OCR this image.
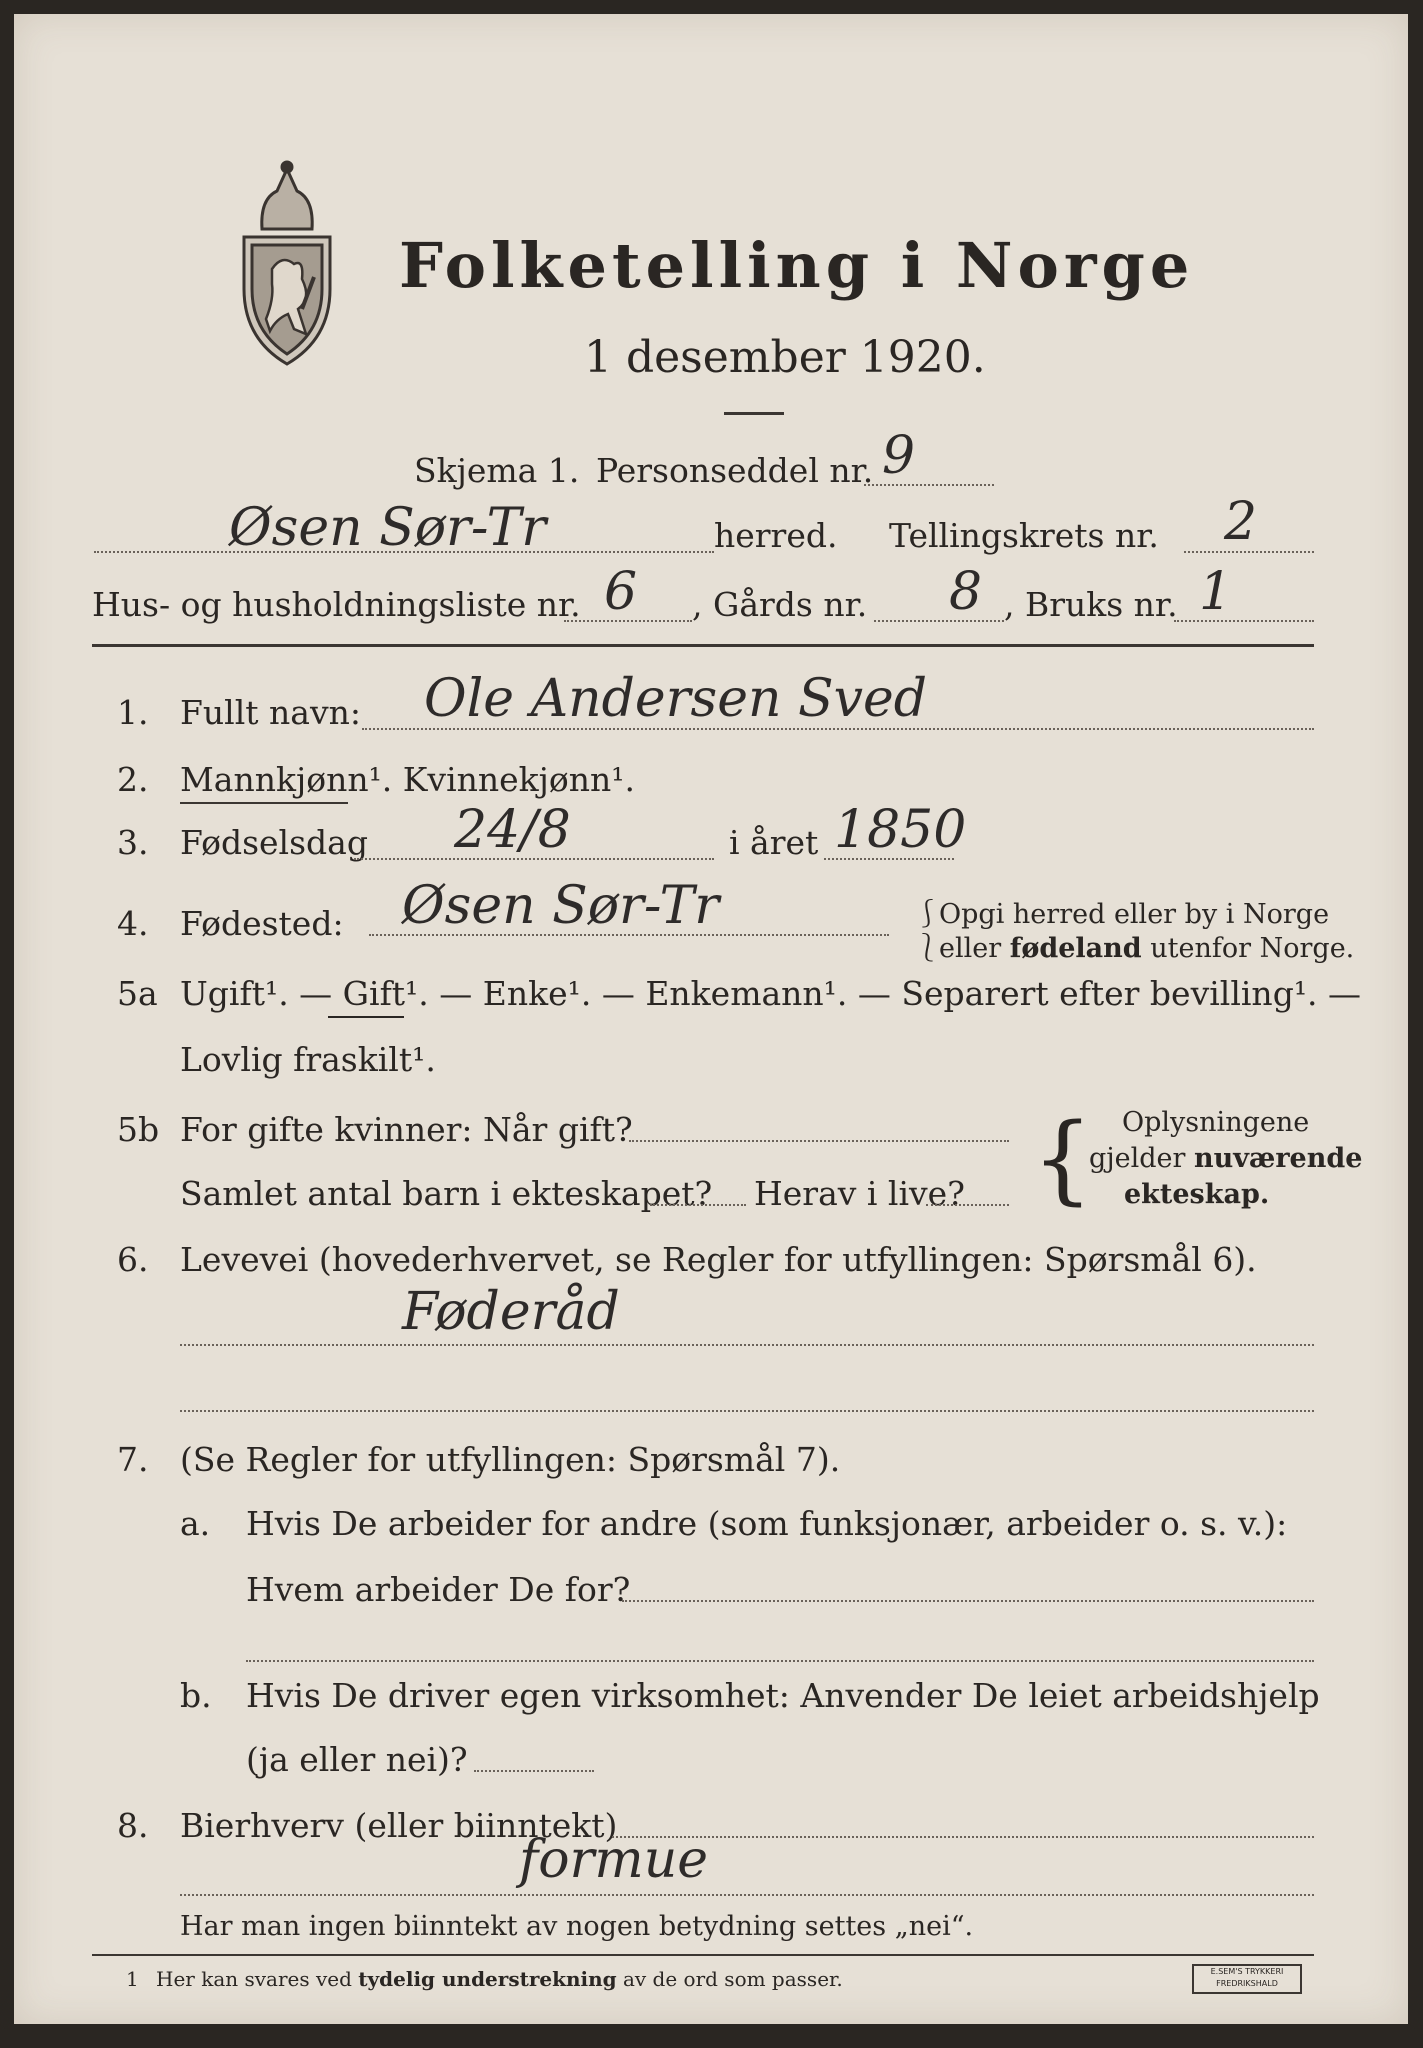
Folketelling i Norge
1 desember 1920.
Skjema 1. Personseddel nr. 9
Øsen Sør-Tr	herred. Tellingskrets nr. 2
Hus- og husholdningsliste nr. 6 , Gårds nr. 8 , Bruks nr. 1
1. Fullt navn: Ole Andersen Sved
2. Mannkjønn¹. Kvinnekjønn¹.
3. Fødselsdag 24/8	i året 1850
4. Fødested: Øsen Sør-Tr	⎰
⎱
Opgi herred eller by i Norge
eller fødeland utenfor Norge.
5a Ugift¹. — Gift¹. — Enke¹. — Enkemann¹. — Separert efter bevilling¹. —
Lovlig fraskilt¹.
5b For gifte kvinner: Når gift?
Samlet antal barn i ekteskapet? Herav i live? { Oplysningene
gjelder nuværende
ekteskap.
6. Levevei (hovederhvervet, se Regler for utfyllingen: Spørsmål 6).
Føderåd
7. (Se Regler for utfyllingen: Spørsmål 7).
a. Hvis De arbeider for andre (som funksjonær, arbeider o. s. v.):
Hvem arbeider De for?
b. Hvis De driver egen virksomhet: Anvender De leiet arbeidshjelp
(ja eller nei)?
8. Bierhverv (eller biinntekt)
formue
Har man ingen biinntekt av nogen betydning settes „nei“.
1 Her kan svares ved tydelig understrekning av de ord som passer.	E.SEM'S TRYKKERI
FREDRIKSHALD
